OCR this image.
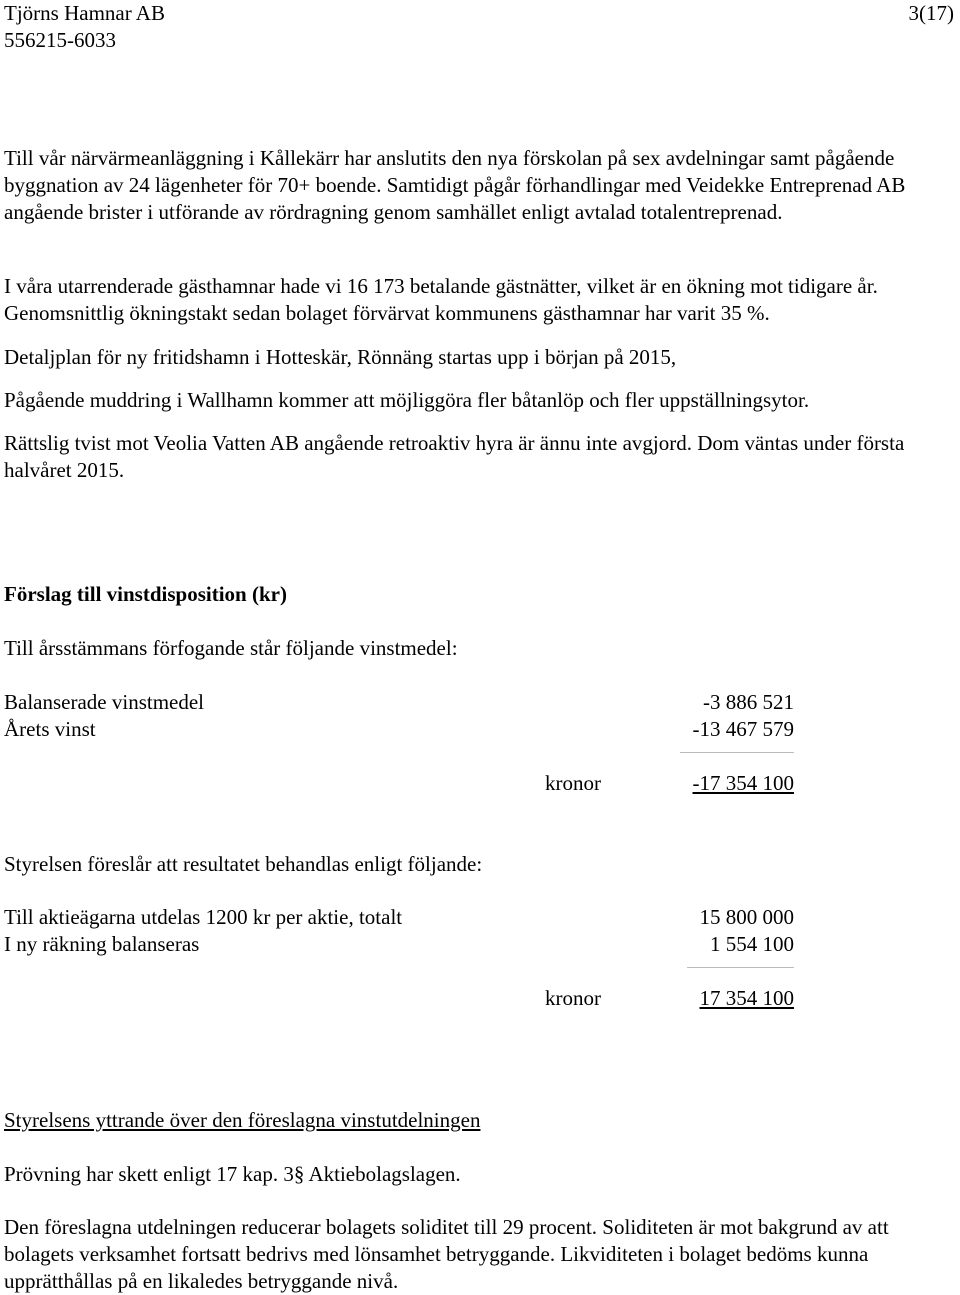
Tjörns Hamnar AB	3(17)
556215-6033

Till vår närvärmeanläggning i Kållekärr har anslutits den nya förskolan på sex avdelningar samt pågående byggnation av 24 lägenheter för 70+ boende. Samtidigt pågår förhandlingar med Veidekke Entreprenad AB angående brister i utförande av rördragning genom samhället enligt avtalad totalentreprenad.

I våra utarrenderade gästhamnar hade vi 16 173 betalande gästnätter, vilket är en ökning mot tidigare år. Genomsnittlig ökningstakt sedan bolaget förvärvat kommunens gästhamnar har varit 35 %.

Detaljplan för ny fritidshamn i Hotteskär, Rönnäng startas upp i början på 2015,

Pågående muddring i Wallhamn kommer att möjliggöra fler båtanlöp och fler uppställningsytor.

Rättslig tvist mot Veolia Vatten AB angående retroaktiv hyra är ännu inte avgjord. Dom väntas under första halvåret 2015.

Förslag till vinstdisposition (kr)

Till årsstämmans förfogande står följande vinstmedel:

Balanserade vinstmedel	-3 886 521
Årets vinst	-13 467 579
kronor	-17 354 100

Styrelsen föreslår att resultatet behandlas enligt följande:

Till aktieägarna utdelas 1200 kr per aktie, totalt	15 800 000
I ny räkning balanseras	1 554 100
kronor	17 354 100

Styrelsens yttrande över den föreslagna vinstutdelningen

Prövning har skett enligt 17 kap. 3§ Aktiebolagslagen.

Den föreslagna utdelningen reducerar bolagets soliditet till 29 procent. Soliditeten är mot bakgrund av att bolagets verksamhet fortsatt bedrivs med lönsamhet betryggande. Likviditeten i bolaget bedöms kunna upprätthållas på en likaledes betryggande nivå.
